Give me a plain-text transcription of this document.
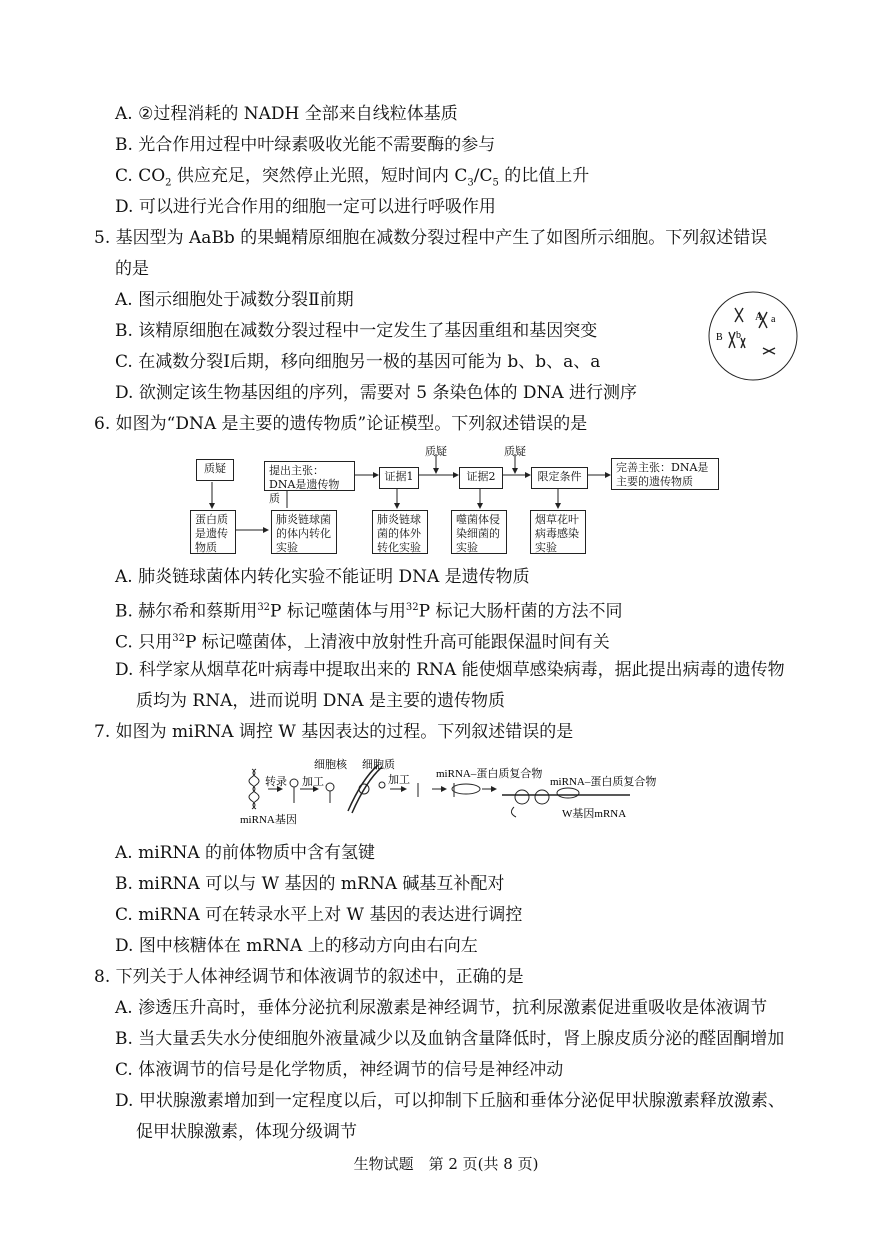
A. ②过程消耗的 NADH 全部来自线粒体基质
B. 光合作用过程中叶绿素吸收光能不需要酶的参与
C. $CO_2$ 供应充足，突然停止光照，短时间内 $C_3/C_5$ 的比值上升
D. 可以进行光合作用的细胞一定可以进行呼吸作用
5. 基因型为 AaBb 的果蝇精原细胞在减数分裂过程中产生了如图所示细胞。下列叙述错误
的是
A. 图示细胞处于减数分裂Ⅱ前期
B. 该精原细胞在减数分裂过程中一定发生了基因重组和基因突变
C. 在减数分裂Ⅰ后期，移向细胞另一极的基因可能为 b、b、a、a
D. 欲测定该生物基因组的序列，需要对 5 条染色体的 DNA 进行测序
A a
B b
6. 如图为“DNA 是主要的遗传物质”论证模型。下列叙述错误的是
质疑	提出主张：DNA是遗传物质
证据1
质疑
证据2
质疑
限定条件
完善主张：DNA是主要的遗传物质
蛋白质是遗传物质
肺炎链球菌的体内转化实验
肺炎链球菌的体外转化实验
噬菌体侵染细菌的实验
烟草花叶病毒感染实验
A. 肺炎链球菌体内转化实验不能证明 DNA 是遗传物质
B. 赫尔希和蔡斯用$^{32}$P 标记噬菌体与用$^{32}$P 标记大肠杆菌的方法不同
C. 只用$^{32}$P 标记噬菌体，上清液中放射性升高可能跟保温时间有关
D. 科学家从烟草花叶病毒中提取出来的 RNA 能使烟草感染病毒，据此提出病毒的遗传物
质均为 RNA，进而说明 DNA 是主要的遗传物质
7. 如图为 miRNA 调控 W 基因表达的过程。下列叙述错误的是
转录 加工
细胞核 细胞质
加工 miRNA–蛋白质复合物
miRNA–蛋白质复合物
miRNA基因	W基因mRNA
A. miRNA 的前体物质中含有氢键
B. miRNA 可以与 W 基因的 mRNA 碱基互补配对
C. miRNA 可在转录水平上对 W 基因的表达进行调控
D. 图中核糖体在 mRNA 上的移动方向由右向左
8. 下列关于人体神经调节和体液调节的叙述中，正确的是
A. 渗透压升高时，垂体分泌抗利尿激素是神经调节，抗利尿激素促进重吸收是体液调节
B. 当大量丢失水分使细胞外液量减少以及血钠含量降低时，肾上腺皮质分泌的醛固酮增加
C. 体液调节的信号是化学物质，神经调节的信号是神经冲动
D. 甲状腺激素增加到一定程度以后，可以抑制下丘脑和垂体分泌促甲状腺激素释放激素、
促甲状腺激素，体现分级调节
生物试题　第 2 页(共 8 页)
